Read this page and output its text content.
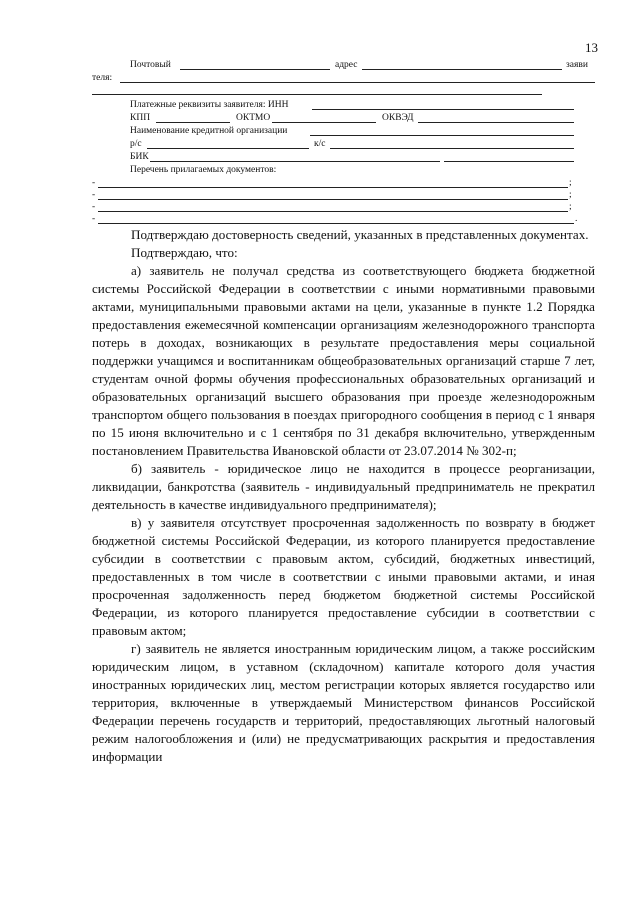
13
Почтовый	адрес	заяви
теля:
Платежные реквизиты заявителя: ИНН
КПП	ОКТМО	ОКВЭД
Наименование кредитной организации
р/с	к/с
БИК
Перечень прилагаемых документов:
-	;
-	;
-	;
-	.

Подтверждаю достоверность сведений, указанных в представленных документах.

Подтверждаю, что:

а) заявитель не получал средства из соответствующего бюджета бюджетной системы Российской Федерации в соответствии с иными нормативными правовыми актами, муниципальными правовыми актами на цели, указанные в пункте 1.2 Порядка предоставления ежемесячной компенсации организациям железнодорожного транспорта потерь в доходах, возникающих в результате предоставления меры социальной поддержки учащимся и воспитанникам общеобразовательных организаций старше 7 лет, студентам очной формы обучения профессиональных образовательных организаций и образовательных организаций высшего образования при проезде железнодорожным транспортом общего пользования в поездах пригородного сообщения в период с 1 января по 15 июня включительно и с 1 сентября по 31 декабря включительно, утвержденным постановлением Правительства Ивановской области от 23.07.2014 № 302-п;

б) заявитель - юридическое лицо не находится в процессе реорганизации, ликвидации, банкротства (заявитель - индивидуальный предприниматель не прекратил деятельность в качестве индивидуального предпринимателя);

в) у заявителя отсутствует просроченная задолженность по возврату в бюджет бюджетной системы Российской Федерации, из которого планируется предоставление субсидии в соответствии с правовым актом, субсидий, бюджетных инвестиций, предоставленных в том числе в соответствии с иными правовыми актами, и иная просроченная задолженность перед бюджетом бюджетной системы Российской Федерации, из которого планируется предоставление субсидии в соответствии с правовым актом;

г) заявитель не является иностранным юридическим лицом, а также российским юридическим лицом, в уставном (складочном) капитале которого доля участия иностранных юридических лиц, местом регистрации которых является государство или территория, включенные в утверждаемый Министерством финансов Российской Федерации перечень государств и территорий, предоставляющих льготный налоговый режим налогообложения и (или) не предусматривающих раскрытия и предоставления информации
